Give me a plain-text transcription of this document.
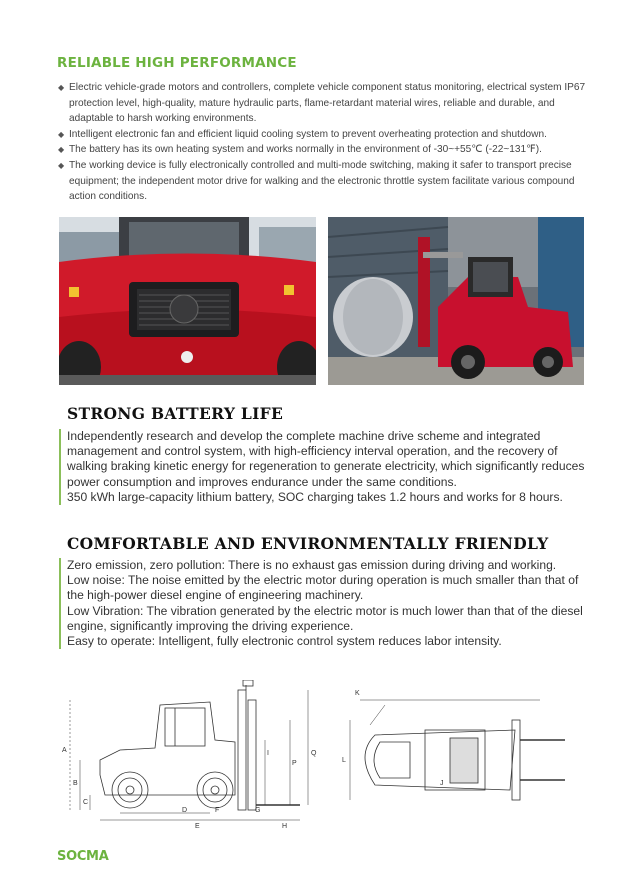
RELIABLE HIGH PERFORMANCE
◆ Electric vehicle-grade motors and controllers, complete vehicle component status monitoring, electrical system IP67 protection level, high-quality, mature hydraulic parts, flame-retardant material wires, reliable and durable, and adaptable to harsh working environments.
◆ Intelligent electronic fan and efficient liquid cooling system to prevent overheating protection and shutdown.
◆ The battery has its own heating system and works normally in the environment of -30~+55℃ (-22~131℉).
◆ The working device is fully electronically controlled and multi-mode switching, making it safer to transport precise equipment; the independent motor drive for walking and the electronic throttle system facilitate various compound action conditions.
STRONG BATTERY LIFE
Independently research and develop the complete machine drive scheme and integrated management and control system, with high-efficiency interval operation, and the recovery of walking braking kinetic energy for regeneration to generate electricity, which significantly reduces power consumption and improves endurance under the same conditions.
350 kWh large-capacity lithium battery, SOC charging takes 1.2 hours and works for 8 hours.
COMFORTABLE AND ENVIRONMENTALLY FRIENDLY
Zero emission, zero pollution: There is no exhaust gas emission during driving and working.
Low noise: The noise emitted by the electric motor during operation is much smaller than that of the high-power diesel engine of engineering machinery.
Low Vibration: The vibration generated by the electric motor is much lower than that of the diesel engine, significantly improving the driving experience.
Easy to operate: Intelligent, fully electronic control system reduces labor intensity.
A
B
C
D
E
F	G
H
I
P
Q
K
L
J
SOCMA
